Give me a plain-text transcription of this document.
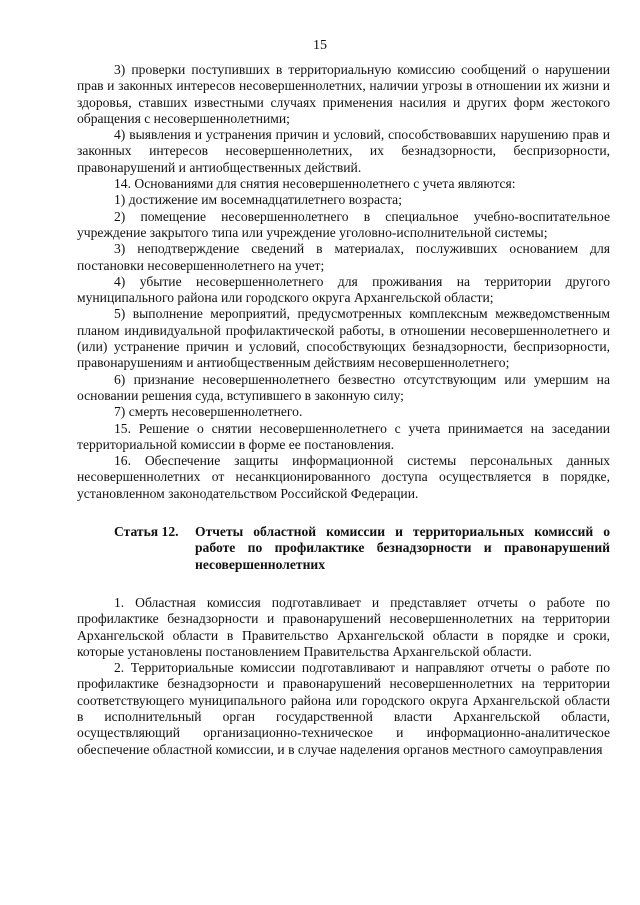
15

3) проверки поступивших в территориальную комиссию сообщений о нарушении прав и законных интересов несовершеннолетних, наличии угрозы в отношении их жизни и здоровья, ставших известными случаях применения насилия и других форм жестокого обращения с несовершеннолетними;

4) выявления и устранения причин и условий, способствовавших нарушению прав и законных интересов несовершеннолетних, их безнадзорности, беспризорности, правонарушений и антиобщественных действий.

14. Основаниями для снятия несовершеннолетнего с учета являются:

1) достижение им восемнадцатилетнего возраста;

2) помещение несовершеннолетнего в специальное учебно-воспитательное учреждение закрытого типа или учреждение уголовно-исполнительной системы;

3) неподтверждение сведений в материалах, послуживших основанием для постановки несовершеннолетнего на учет;

4) убытие несовершеннолетнего для проживания на территории другого муниципального района или городского округа Архангельской области;

5) выполнение мероприятий, предусмотренных комплексным межведомственным планом индивидуальной профилактической работы, в отношении несовершеннолетнего и (или) устранение причин и условий, способствующих безнадзорности, беспризорности, правонарушениям и антиобщественным действиям несовершеннолетнего;

6) признание несовершеннолетнего безвестно отсутствующим или умершим на основании решения суда, вступившего в законную силу;

7) смерть несовершеннолетнего.

15. Решение о снятии несовершеннолетнего с учета принимается на заседании территориальной комиссии в форме ее постановления.

16. Обеспечение защиты информационной системы персональных данных несовершеннолетних от несанкционированного доступа осуществляется в порядке, установленном законодательством Российской Федерации.

Статья 12.	Отчеты областной комиссии и территориальных комиссий о работе по профилактике безнадзорности и правонарушений несовершеннолетних

1. Областная комиссия подготавливает и представляет отчеты о работе по профилактике безнадзорности и правонарушений несовершеннолетних на территории Архангельской области в Правительство Архангельской области в порядке и сроки, которые установлены постановлением Правительства Архангельской области.

2. Территориальные комиссии подготавливают и направляют отчеты о работе по профилактике безнадзорности и правонарушений несовершеннолетних на территории соответствующего муниципального района или городского округа Архангельской области в исполнительный орган государственной власти Архангельской области, осуществляющий организационно-техническое и информационно-аналитическое обеспечение областной комиссии, и в случае наделения органов местного самоуправления
